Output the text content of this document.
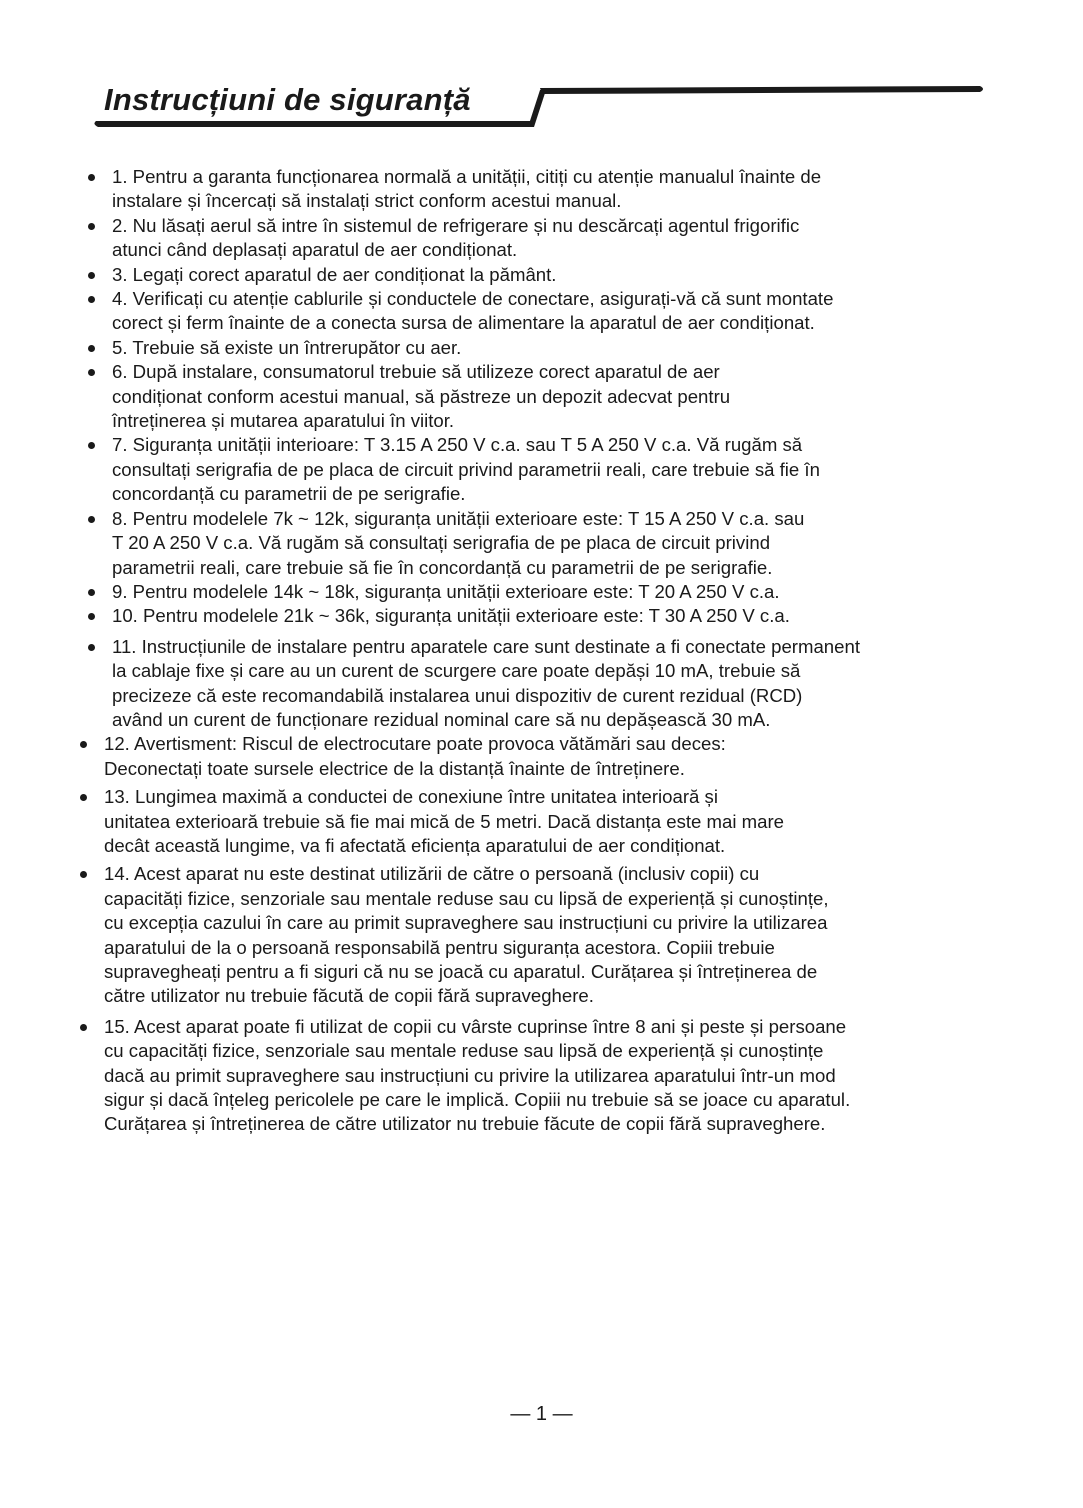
Instrucțiuni de siguranță
1. Pentru a garanta funcționarea normală a unității, citiți cu atenție manualul înainte de
instalare și încercați să instalați strict conform acestui manual.
2. Nu lăsați aerul să intre în sistemul de refrigerare și nu descărcați agentul frigorific
atunci când deplasați aparatul de aer condiționat.
3. Legați corect aparatul de aer condiționat la pământ.
4. Verificați cu atenție cablurile și conductele de conectare, asigurați-vă că sunt montate
corect și ferm înainte de a conecta sursa de alimentare la aparatul de aer condiționat.
5. Trebuie să existe un întrerupător cu aer.
6. După instalare, consumatorul trebuie să utilizeze corect aparatul de aer
condiționat conform acestui manual, să păstreze un depozit adecvat pentru
întreținerea și mutarea aparatului în viitor.
7. Siguranța unității interioare: T 3.15 A 250 V c.a. sau T 5 A 250 V c.a. Vă rugăm să
consultați serigrafia de pe placa de circuit privind parametrii reali, care trebuie să fie în
concordanță cu parametrii de pe serigrafie.
8. Pentru modelele 7k ~ 12k, siguranța unității exterioare este: T 15 A 250 V c.a. sau
T 20 A 250 V c.a. Vă rugăm să consultați serigrafia de pe placa de circuit privind
parametrii reali, care trebuie să fie în concordanță cu parametrii de pe serigrafie.
9. Pentru modelele 14k ~ 18k, siguranța unității exterioare este: T 20 A 250 V c.a.
10. Pentru modelele 21k ~ 36k, siguranța unității exterioare este: T 30 A 250 V c.a.
11. Instrucțiunile de instalare pentru aparatele care sunt destinate a fi conectate permanent
la cablaje fixe și care au un curent de scurgere care poate depăși 10 mA, trebuie să
precizeze că este recomandabilă instalarea unui dispozitiv de curent rezidual (RCD)
având un curent de funcționare rezidual nominal care să nu depășească 30 mA.
12. Avertisment: Riscul de electrocutare poate provoca vătămări sau deces:
Deconectați toate sursele electrice de la distanță înainte de întreținere.
13. Lungimea maximă a conductei de conexiune între unitatea interioară și
unitatea exterioară trebuie să fie mai mică de 5 metri. Dacă distanța este mai mare
decât această lungime, va fi afectată eficiența aparatului de aer condiționat.
14. Acest aparat nu este destinat utilizării de către o persoană (inclusiv copii) cu
capacități fizice, senzoriale sau mentale reduse sau cu lipsă de experiență și cunoștințe,
cu excepția cazului în care au primit supraveghere sau instrucțiuni cu privire la utilizarea
aparatului de la o persoană responsabilă pentru siguranța acestora. Copiii trebuie
supravegheați pentru a fi siguri că nu se joacă cu aparatul. Curățarea și întreținerea de
către utilizator nu trebuie făcută de copii fără supraveghere.
15. Acest aparat poate fi utilizat de copii cu vârste cuprinse între 8 ani și peste și persoane
cu capacități fizice, senzoriale sau mentale reduse sau lipsă de experiență și cunoștințe
dacă au primit supraveghere sau instrucțiuni cu privire la utilizarea aparatului într-un mod
sigur și dacă înțeleg pericolele pe care le implică. Copiii nu trebuie să se joace cu aparatul.
Curățarea și întreținerea de către utilizator nu trebuie făcute de copii fără supraveghere.
— 1 —
